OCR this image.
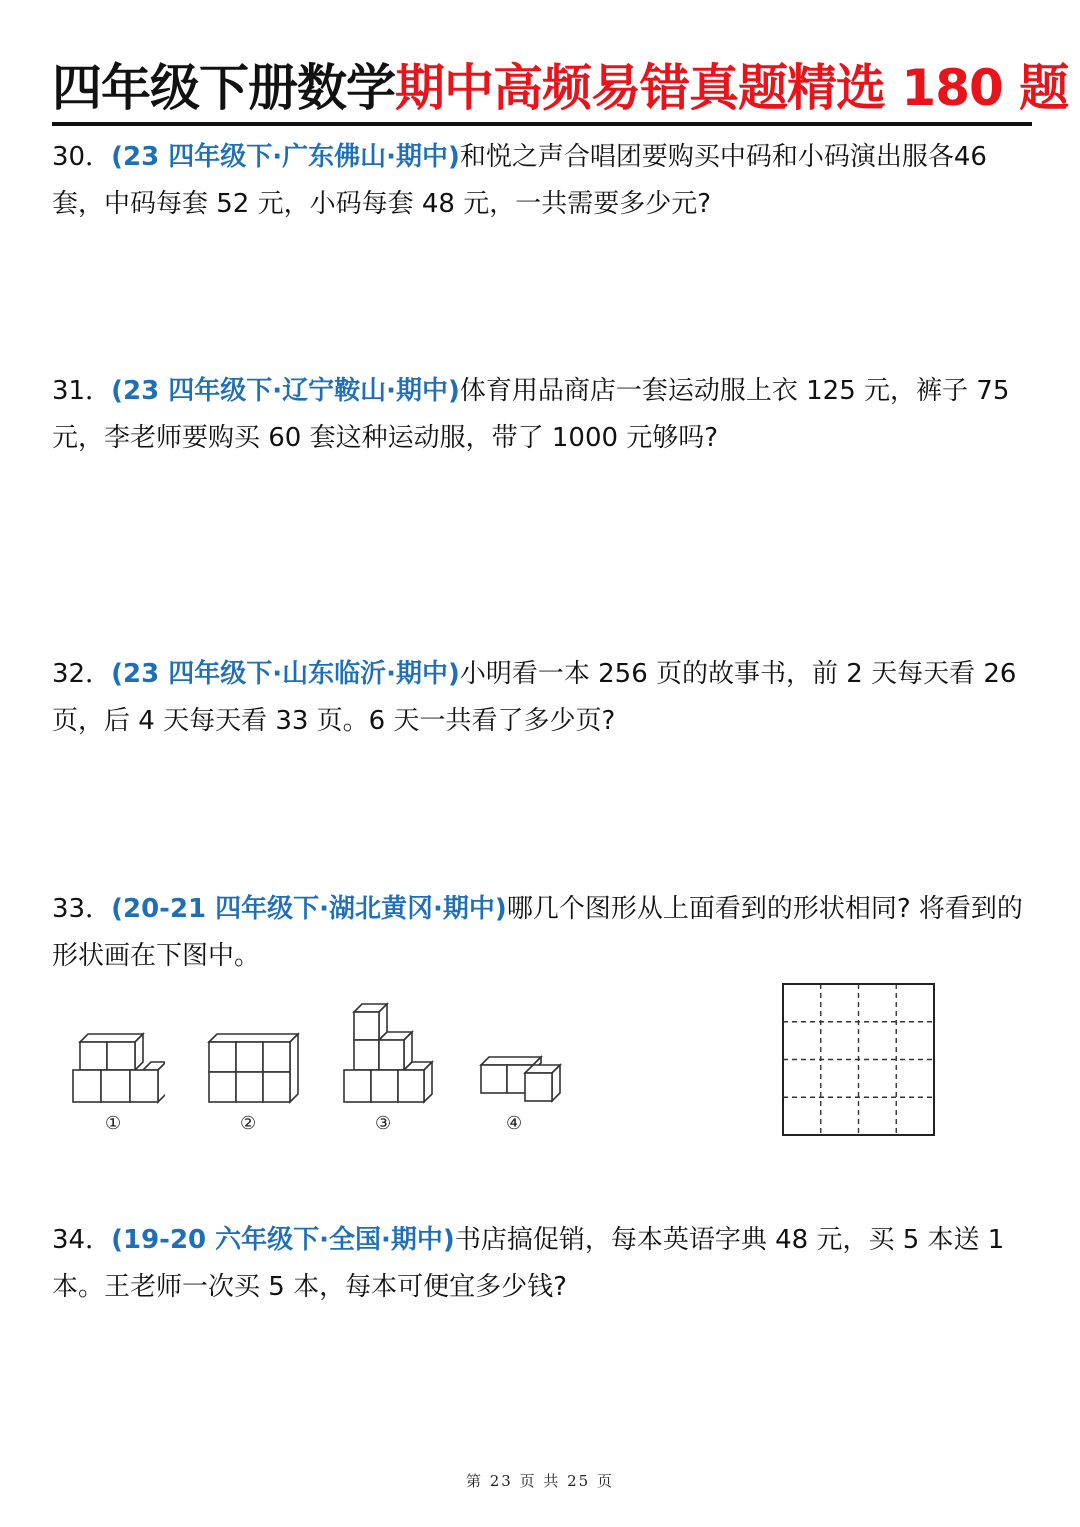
四年级下册数学期中高频易错真题精选 180 题
30．(23 四年级下·广东佛山·期中)和悦之声合唱团要购买中码和小码演出服各46 套，中码每套 52 元，小码每套 48 元，一共需要多少元?
31．(23 四年级下·辽宁鞍山·期中)体育用品商店一套运动服上衣 125 元，裤子 75 元，李老师要购买 60 套这种运动服，带了 1000 元够吗?
32．(23 四年级下·山东临沂·期中)小明看一本 256 页的故事书，前 2 天每天看 26 页，后 4 天每天看 33 页。6 天一共看了多少页?
33．(20-21 四年级下·湖北黄冈·期中)哪几个图形从上面看到的形状相同? 将看到的形状画在下图中。
①	②	③	④
34．(19-20 六年级下·全国·期中)书店搞促销，每本英语字典 48 元，买 5 本送 1 本。王老师一次买 5 本，每本可便宜多少钱?
第 23 页 共 25 页
